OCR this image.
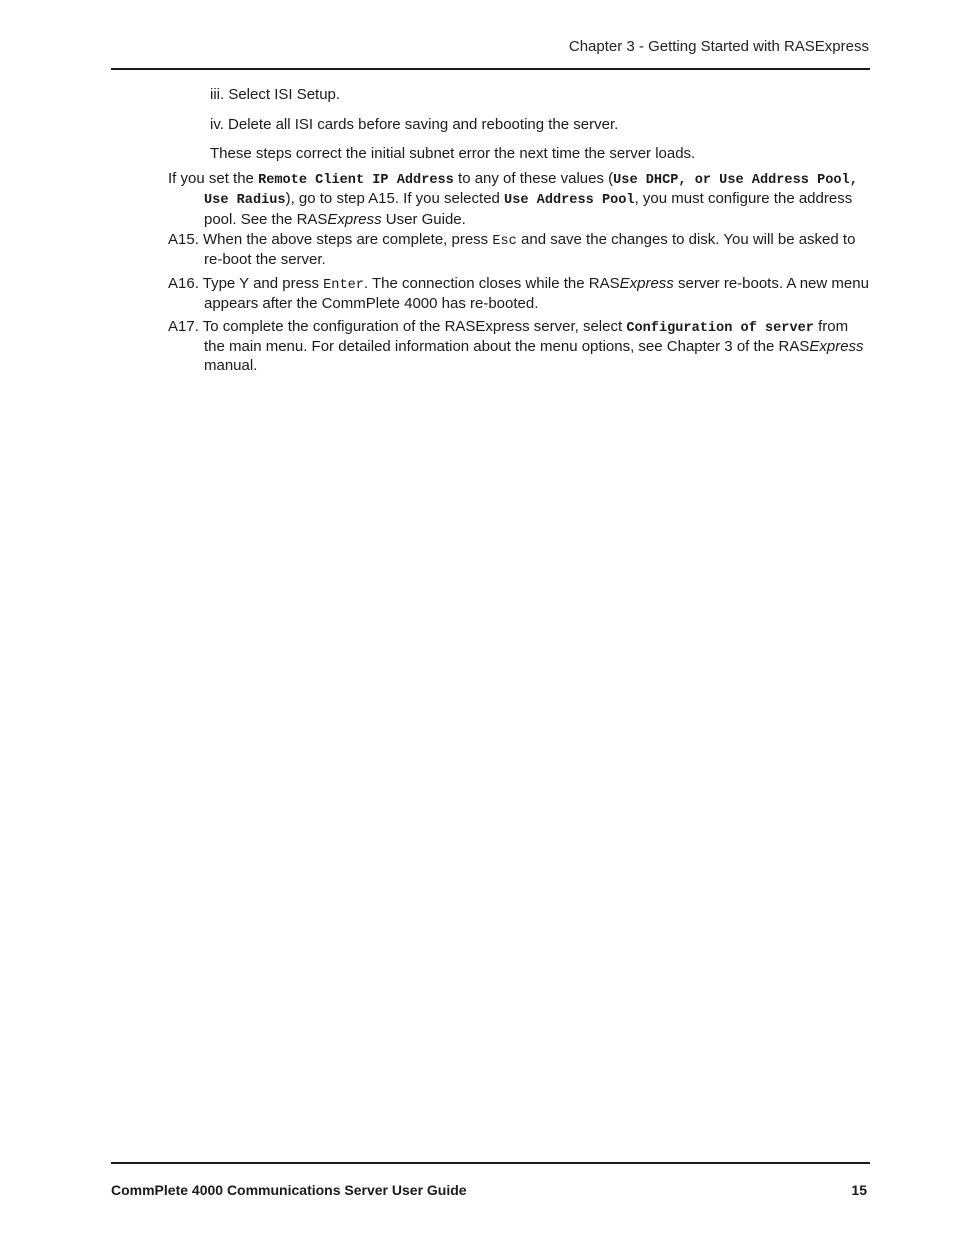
Chapter 3 - Getting Started with RASExpress

iii. Select ISI Setup.

iv. Delete all ISI cards before saving and rebooting the server.

These steps correct the initial subnet error the next time the server loads.

If you set the Remote Client IP Address to any of these values (Use DHCP, or Use Address Pool, Use Radius), go to step A15. If you selected Use Address Pool, you must configure the address pool. See the RASExpress User Guide.

A15. When the above steps are complete, press Esc and save the changes to disk. You will be asked to re-boot the server.

A16. Type Y and press Enter. The connection closes while the RASExpress server re-boots. A new menu appears after the CommPlete 4000 has re-booted.

A17. To complete the configuration of the RASExpress server, select Configuration of server from the main menu. For detailed information about the menu options, see Chapter 3 of the RASExpress manual.

CommPlete 4000 Communications Server User Guide	15
